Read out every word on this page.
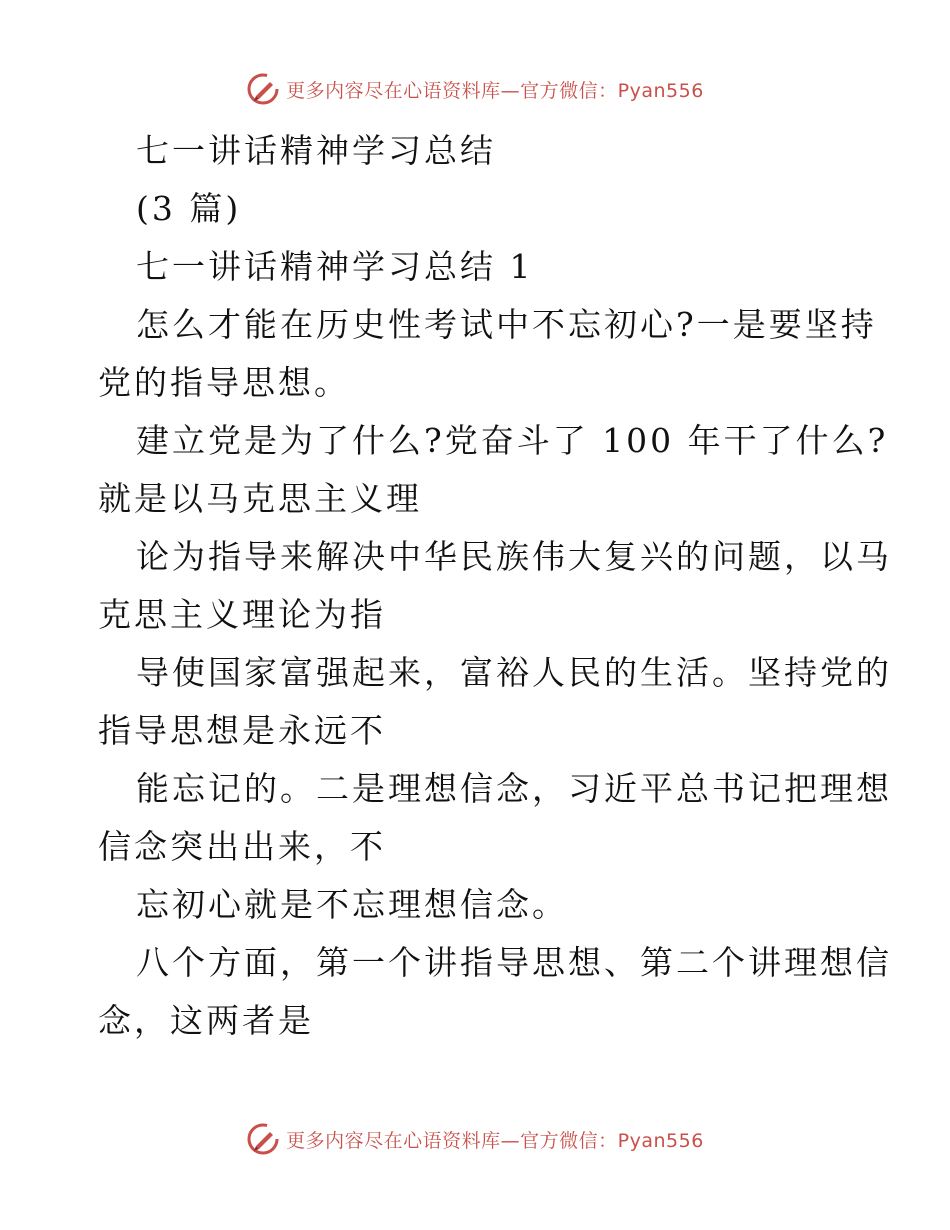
更多内容尽在心语资料库—官方微信：Pyan556
七一讲话精神学习总结
(3 篇)
七一讲话精神学习总结 1
怎么才能在历史性考试中不忘初心?一是要坚持
党的指导思想。
建立党是为了什么?党奋斗了 100 年干了什么?
就是以马克思主义理
论为指导来解决中华民族伟大复兴的问题，以马
克思主义理论为指
导使国家富强起来，富裕人民的生活。坚持党的
指导思想是永远不
能忘记的。二是理想信念，习近平总书记把理想
信念突出出来，不
忘初心就是不忘理想信念。
八个方面，第一个讲指导思想、第二个讲理想信
念，这两者是
更多内容尽在心语资料库—官方微信：Pyan556
